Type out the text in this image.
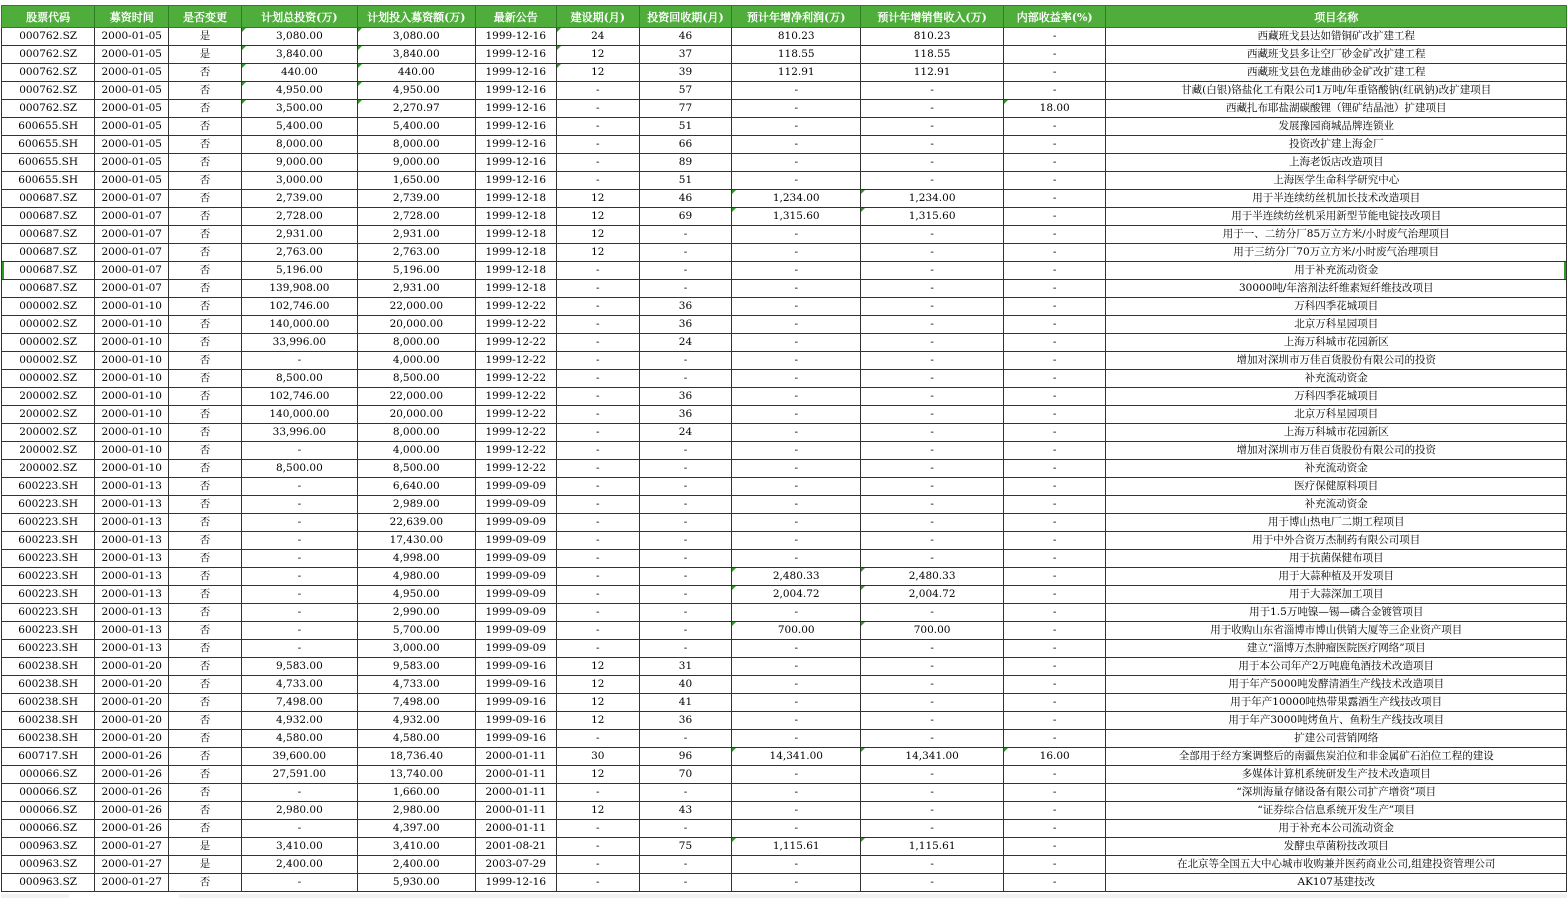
股票代码	募资时间	是否变更	计划总投资(万)	计划投入募资额(万)	最新公告	建设期(月)	投资回收期(月)	预计年增净利润(万)	预计年增销售收入(万)	内部收益率(%)	项目名称
000762.SZ	2000-01-05	是	3,080.00	3,080.00	1999-12-16	24	46	810.23	810.23	-	西藏班戈县达如错铜矿改扩建工程
000762.SZ	2000-01-05	是	3,840.00	3,840.00	1999-12-16	12	37	118.55	118.55	-	西藏班戈县多让空厂砂金矿改扩建工程
000762.SZ	2000-01-05	否	440.00	440.00	1999-12-16	12	39	112.91	112.91	-	西藏班戈县色龙雄曲砂金矿改扩建工程
000762.SZ	2000-01-05	否	4,950.00	4,950.00	1999-12-16	-	57	-	-	-	甘藏(白银)铬盐化工有限公司1万吨/年重铬酸钠(红矾钠)改扩建项目
000762.SZ	2000-01-05	否	3,500.00	2,270.97	1999-12-16	-	77	-	-	18.00	西藏扎布耶盐湖碳酸锂（锂矿结晶池）扩建项目
600655.SH	2000-01-05	否	5,400.00	5,400.00	1999-12-16	-	51	-	-	-	发展豫园商城品牌连锁业
600655.SH	2000-01-05	否	8,000.00	8,000.00	1999-12-16	-	66	-	-	-	投资改扩建上海金厂
600655.SH	2000-01-05	否	9,000.00	9,000.00	1999-12-16	-	89	-	-	-	上海老饭店改造项目
600655.SH	2000-01-05	否	3,000.00	1,650.00	1999-12-16	-	51	-	-	-	上海医学生命科学研究中心
000687.SZ	2000-01-07	否	2,739.00	2,739.00	1999-12-18	12	46	1,234.00	1,234.00	-	用于半连续纺丝机加长技术改造项目
000687.SZ	2000-01-07	否	2,728.00	2,728.00	1999-12-18	12	69	1,315.60	1,315.60	-	用于半连续纺丝机采用新型节能电锭技改项目
000687.SZ	2000-01-07	否	2,931.00	2,931.00	1999-12-18	12	-	-	-	-	用于一、二纺分厂85万立方米/小时废气治理项目
000687.SZ	2000-01-07	否	2,763.00	2,763.00	1999-12-18	12	-	-	-	-	用于三纺分厂70万立方米/小时废气治理项目
000687.SZ	2000-01-07	否	5,196.00	5,196.00	1999-12-18	-	-	-	-	-	用于补充流动资金
000687.SZ	2000-01-07	否	139,908.00	2,931.00	1999-12-18	-	-	-	-	-	30000吨/年溶剂法纤维素短纤维技改项目
000002.SZ	2000-01-10	否	102,746.00	22,000.00	1999-12-22	-	36	-	-	-	万科四季花城项目
000002.SZ	2000-01-10	否	140,000.00	20,000.00	1999-12-22	-	36	-	-	-	北京万科星园项目
000002.SZ	2000-01-10	否	33,996.00	8,000.00	1999-12-22	-	24	-	-	-	上海万科城市花园新区
000002.SZ	2000-01-10	否	-	4,000.00	1999-12-22	-	-	-	-	-	增加对深圳市万佳百货股份有限公司的投资
000002.SZ	2000-01-10	否	8,500.00	8,500.00	1999-12-22	-	-	-	-	-	补充流动资金
200002.SZ	2000-01-10	否	102,746.00	22,000.00	1999-12-22	-	36	-	-	-	万科四季花城项目
200002.SZ	2000-01-10	否	140,000.00	20,000.00	1999-12-22	-	36	-	-	-	北京万科星园项目
200002.SZ	2000-01-10	否	33,996.00	8,000.00	1999-12-22	-	24	-	-	-	上海万科城市花园新区
200002.SZ	2000-01-10	否	-	4,000.00	1999-12-22	-	-	-	-	-	增加对深圳市万佳百货股份有限公司的投资
200002.SZ	2000-01-10	否	8,500.00	8,500.00	1999-12-22	-	-	-	-	-	补充流动资金
600223.SH	2000-01-13	否	-	6,640.00	1999-09-09	-	-	-	-	-	医疗保健原料项目
600223.SH	2000-01-13	否	-	2,989.00	1999-09-09	-	-	-	-	-	补充流动资金
600223.SH	2000-01-13	否	-	22,639.00	1999-09-09	-	-	-	-	-	用于博山热电厂二期工程项目
600223.SH	2000-01-13	否	-	17,430.00	1999-09-09	-	-	-	-	-	用于中外合资万杰制药有限公司项目
600223.SH	2000-01-13	否	-	4,998.00	1999-09-09	-	-	-	-	-	用于抗菌保健布项目
600223.SH	2000-01-13	否	-	4,980.00	1999-09-09	-	-	2,480.33	2,480.33	-	用于大蒜种植及开发项目
600223.SH	2000-01-13	否	-	4,950.00	1999-09-09	-	-	2,004.72	2,004.72	-	用于大蒜深加工项目
600223.SH	2000-01-13	否	-	2,990.00	1999-09-09	-	-	-	-	-	用于1.5万吨镍—锡—磷合金镀管项目
600223.SH	2000-01-13	否	-	5,700.00	1999-09-09	-	-	700.00	700.00	-	用于收购山东省淄博市博山供销大厦等三企业资产项目
600223.SH	2000-01-13	否	-	3,000.00	1999-09-09	-	-	-	-	-	建立“淄博万杰肿瘤医院医疗网络”项目
600238.SH	2000-01-20	否	9,583.00	9,583.00	1999-09-16	12	31	-	-	-	用于本公司年产2万吨鹿龟酒技术改造项目
600238.SH	2000-01-20	否	4,733.00	4,733.00	1999-09-16	12	40	-	-	-	用于年产5000吨发酵清酒生产线技术改造项目
600238.SH	2000-01-20	否	7,498.00	7,498.00	1999-09-16	12	41	-	-	-	用于年产10000吨热带果露酒生产线技改项目
600238.SH	2000-01-20	否	4,932.00	4,932.00	1999-09-16	12	36	-	-	-	用于年产3000吨烤鱼片、鱼粉生产线技改项目
600238.SH	2000-01-20	否	4,580.00	4,580.00	1999-09-16	-	-	-	-	-	扩建公司营销网络
600717.SH	2000-01-26	否	39,600.00	18,736.40	2000-01-11	30	96	14,341.00	14,341.00	16.00	全部用于经方案调整后的南疆焦炭泊位和非金属矿石泊位工程的建设
000066.SZ	2000-01-26	否	27,591.00	13,740.00	2000-01-11	12	70	-	-	-	多媒体计算机系统研发生产技术改造项目
000066.SZ	2000-01-26	否	-	1,660.00	2000-01-11	-	-	-	-	-	“深圳海量存储设备有限公司扩产增资”项目
000066.SZ	2000-01-26	否	2,980.00	2,980.00	2000-01-11	12	43	-	-	-	“证券综合信息系统开发生产”项目
000066.SZ	2000-01-26	否	-	4,397.00	2000-01-11	-	-	-	-	-	用于补充本公司流动资金
000963.SZ	2000-01-27	是	3,410.00	3,410.00	2001-08-21	-	75	1,115.61	1,115.61	-	发酵虫草菌粉技改项目
000963.SZ	2000-01-27	是	2,400.00	2,400.00	2003-07-29	-	-	-	-	-	在北京等全国五大中心城市收购兼并医药商业公司,组建投资管理公司
000963.SZ	2000-01-27	否	-	5,930.00	1999-12-16	-	-	-	-	-	AK107基建技改
